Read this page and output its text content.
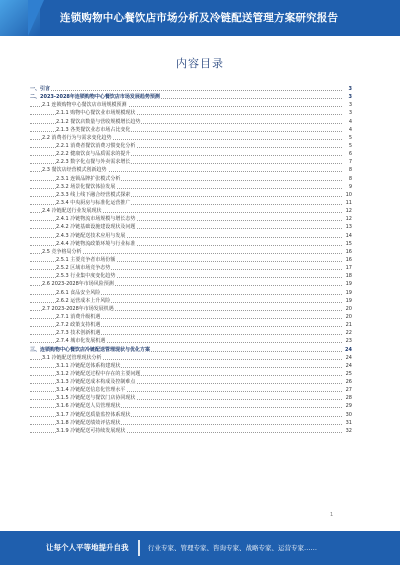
连锁购物中心餐饮店市场分析及冷链配送管理方案研究报告
内容目录
一、引言	3
二、2023-2028年连锁购物中心餐饮店市场发展趋势预测	3
2.1 连锁购物中心餐饮店市场规模预测	3
2.1.1 购物中心餐饮业市场规模现状	3
2.1.2 餐饮店数量与营收规模增长趋势	4
2.1.3 各类餐饮业态市场占比变化	4
2.2 消费者行为与需求变化趋势	5
2.2.1 消费者餐饮消费习惯变化分析	5
2.2.2 健康饮食与品质需求的提升	6
2.2.3 数字化点餐与外卖需求增长	7
2.3 餐饮店经营模式创新趋势	8
2.3.1 连锁品牌扩张模式分析	8
2.3.2 场景化餐饮体验发展	9
2.3.3 线上线下融合经营模式探索	10
2.3.4 中央厨房与标准化运营推广	11
2.4 冷链配送行业发展现状	12
2.4.1 冷链物流市场规模与增长态势	12
2.4.2 冷链基础设施建设现状及问题	13
2.4.3 冷链配送技术应用与发展	14
2.4.4 冷链物流政策环境与行业标准	15
2.5 竞争格局分析	16
2.5.1 主要竞争者市场份额	16
2.5.2 区域市场竞争态势	17
2.5.3 行业集中度变化趋势	18
2.6 2023-2028年市场风险预测	19
2.6.1 食品安全风险	19
2.6.2 运营成本上升风险	19
2.7 2023-2028年市场发展机遇	20
2.7.1 消费升级机遇	20
2.7.2 政策支持机遇	21
2.7.3 技术创新机遇	22
2.7.4 城市化发展机遇	23
三、连锁购物中心餐饮店冷链配送管理现状与优化方案	24
3.1 冷链配送管理现状分析	24
3.1.1 冷链配送体系构建现状	24
3.1.2 冷链配送过程中存在的主要问题	25
3.1.3 冷链配送成本构成及控制难点	26
3.1.4 冷链配送信息化管理水平	27
3.1.5 冷链配送与餐饮门店协同现状	28
3.1.6 冷链配送人员管理现状	29
3.1.7 冷链配送质量监控体系现状	30
3.1.8 冷链配送绩效评估现状	31
3.1.9 冷链配送可持续发展现状	32
1
让每个人平等地提升自我	行业专家、管理专家、咨询专家、战略专家、运营专家……
